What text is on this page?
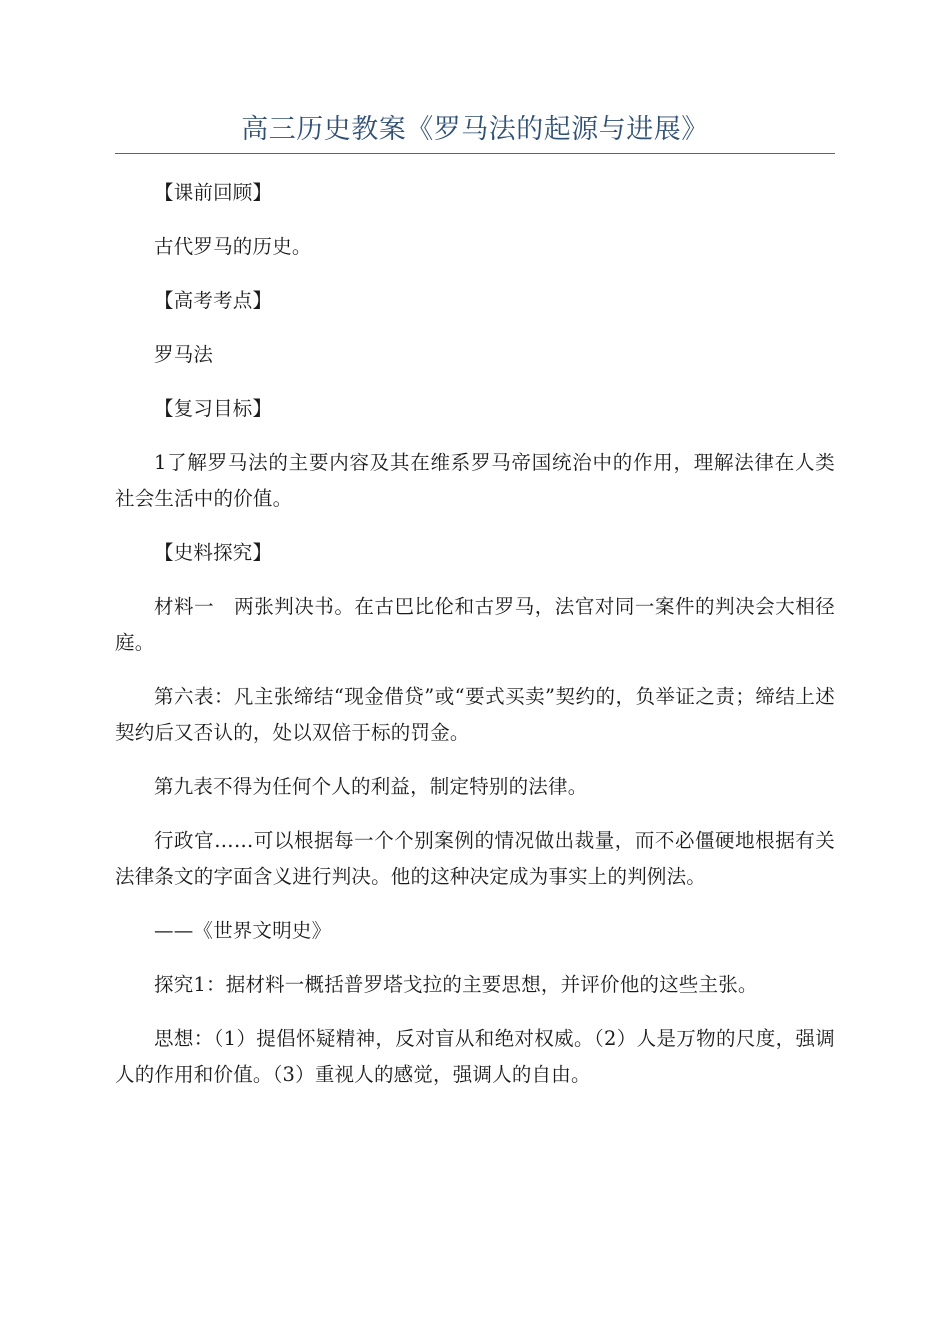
高三历史教案《罗马法的起源与进展》

【课前回顾】

古代罗马的历史。

【高考考点】

罗马法

【复习目标】

1了解罗马法的主要内容及其在维系罗马帝国统治中的作用，理解法律在人类社会生活中的价值。

【史料探究】

材料一　两张判决书。在古巴比伦和古罗马，法官对同一案件的判决会大相径庭。

第六表：凡主张缔结“现金借贷”或“要式买卖”契约的，负举证之责；缔结上述契约后又否认的，处以双倍于标的罚金。

第九表不得为任何个人的利益，制定特别的法律。

行政官……可以根据每一个个别案例的情况做出裁量，而不必僵硬地根据有关法律条文的字面含义进行判决。他的这种决定成为事实上的判例法。

——《世界文明史》

探究1：据材料一概括普罗塔戈拉的主要思想，并评价他的这些主张。

思想：（1）提倡怀疑精神，反对盲从和绝对权威。（2）人是万物的尺度，强调人的作用和价值。（3）重视人的感觉，强调人的自由。
